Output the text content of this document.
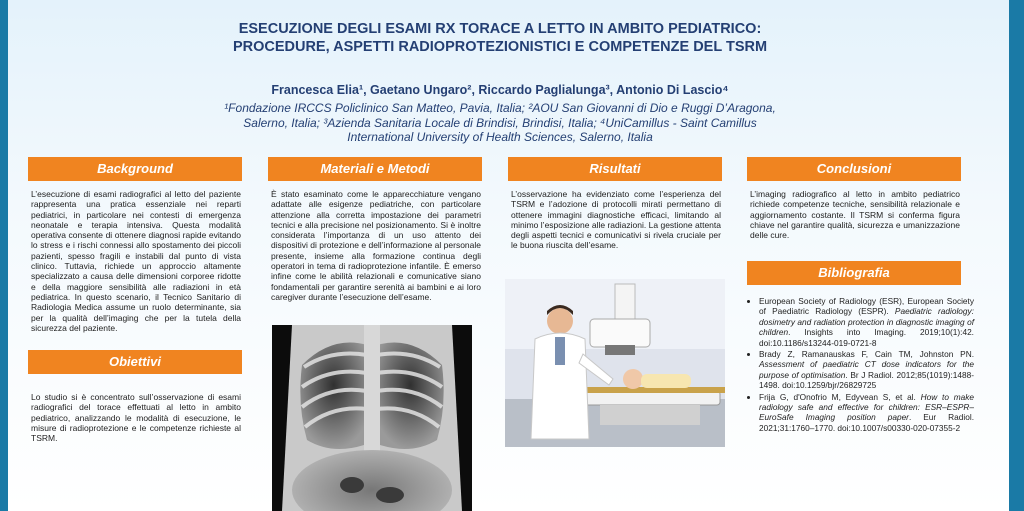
ESECUZIONE DEGLI ESAMI RX TORACE A LETTO IN AMBITO PEDIATRICO: PROCEDURE, ASPETTI RADIOPROTEZIONISTICI E COMPETENZE DEL TSRM
Francesca Elia¹, Gaetano Ungaro², Riccardo Paglialunga³, Antonio Di Lascio⁴
¹Fondazione IRCCS Policlinico San Matteo, Pavia, Italia; ²AOU San Giovanni di Dio e Ruggi D’Aragona, Salerno, Italia; ³Azienda Sanitaria Locale di Brindisi, Brindisi, Italia; ⁴UniCamillus - Saint Camillus International University of Health Sciences, Salerno, Italia
Background
L’esecuzione di esami radiografici al letto del paziente rappresenta una pratica essenziale nei reparti pediatrici, in particolare nei contesti di emergenza neonatale e terapia intensiva. Questa modalità operativa consente di ottenere diagnosi rapide evitando lo stress e i rischi connessi allo spostamento dei piccoli pazienti, spesso fragili e instabili dal punto di vista clinico. Tuttavia, richiede un approccio altamente specializzato a causa delle dimensioni corporee ridotte e della maggiore sensibilità alle radiazioni in età pediatrica. In questo scenario, il Tecnico Sanitario di Radiologia Medica assume un ruolo determinante, sia per la qualità dell’imaging che per la tutela della sicurezza del paziente.
Obiettivi
Lo studio si è concentrato sull’osservazione di esami radiografici del torace effettuati al letto in ambito pediatrico, analizzando le modalità di esecuzione, le misure di radioprotezione e le competenze richieste al TSRM.
Materiali e Metodi
È stato esaminato come le apparecchiature vengano adattate alle esigenze pediatriche, con particolare attenzione alla corretta impostazione dei parametri tecnici e alla precisione nel posizionamento. Si è inoltre considerata l’importanza di un uso attento dei dispositivi di protezione e dell’informazione al personale presente, insieme alla formazione continua degli operatori in tema di radioprotezione infantile. È emerso infine come le abilità relazionali e comunicative siano fondamentali per garantire serenità ai bambini e ai loro caregiver durante l’esecuzione dell’esame.
Risultati
L’osservazione ha evidenziato come l’esperienza del TSRM e l’adozione di protocolli mirati permettano di ottenere immagini diagnostiche efficaci, limitando al minimo l’esposizione alle radiazioni. La gestione attenta degli aspetti tecnici e comunicativi si rivela cruciale per le buona riuscita dell’esame.
Conclusioni
L’imaging radiografico al letto in ambito pediatrico richiede competenze tecniche, sensibilità relazionale e aggiornamento costante. Il TSRM si conferma figura chiave nel garantire qualità, sicurezza e umanizzazione delle cure.
Bibliografia
• European Society of Radiology (ESR), European Society of Paediatric Radiology (ESPR). Paediatric radiology: dosimetry and radiation protection in diagnostic imaging of children. Insights into Imaging. 2019;10(1):42. doi:10.1186/s13244-019-0721-8
• Brady Z, Ramanauskas F, Cain TM, Johnston PN. Assessment of paediatric CT dose indicators for the purpose of optimisation. Br J Radiol. 2012;85(1019):1488-1498. doi:10.1259/bjr/26829725
• Frija G, d'Onofrio M, Edyvean S, et al. How to make radiology safe and effective for children: ESR–ESPR–EuroSafe Imaging position paper. Eur Radiol. 2021;31:1760–1770. doi:10.1007/s00330-020-07355-2
